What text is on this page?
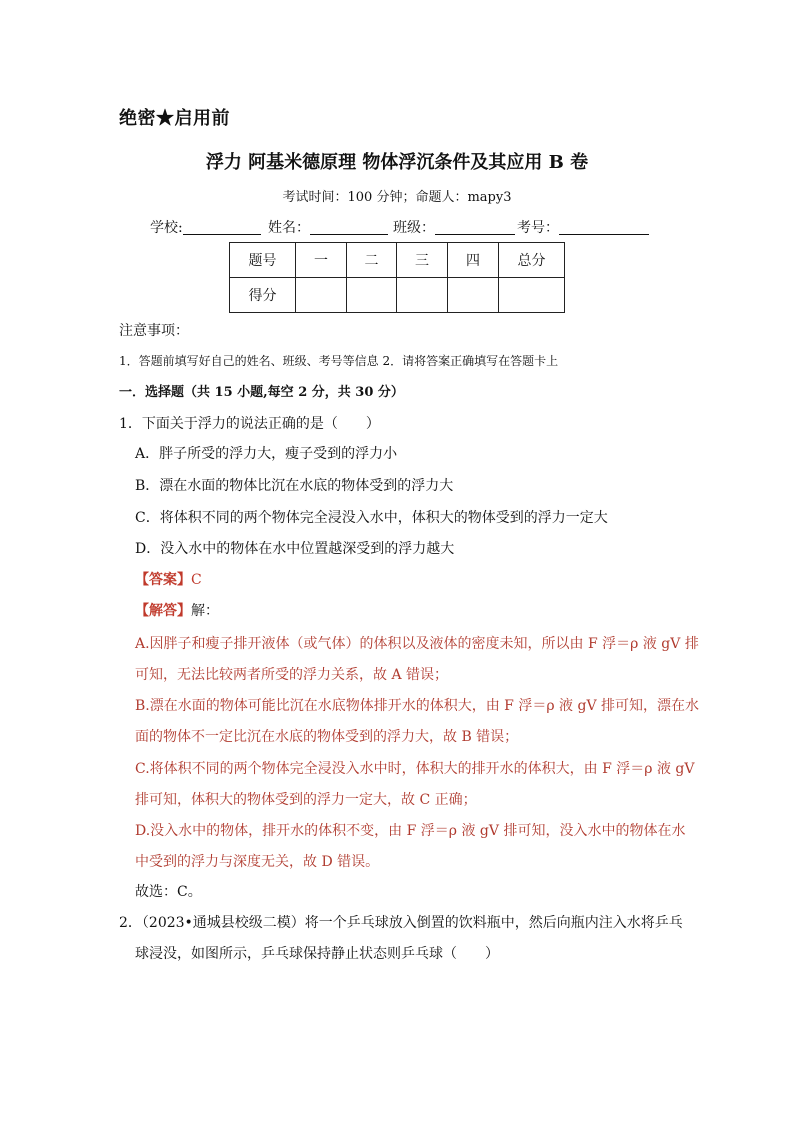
绝密★启用前
浮力 阿基米德原理 物体浮沉条件及其应用 B 卷
考试时间：100 分钟；命题人：mapy3
学校:	姓名：	班级：	考号：
题号	一	二	三	四	总分
得分					
注意事项：
1．答题前填写好自己的姓名、班级、考号等信息 2．请将答案正确填写在答题卡上
一．选择题（共 15 小题,每空 2 分，共 30 分）
1．下面关于浮力的说法正确的是（　　）
A．胖子所受的浮力大，瘦子受到的浮力小
B．漂在水面的物体比沉在水底的物体受到的浮力大
C．将体积不同的两个物体完全浸没入水中，体积大的物体受到的浮力一定大
D．没入水中的物体在水中位置越深受到的浮力越大
【答案】C
【解答】解：
A.因胖子和瘦子排开液体（或气体）的体积以及液体的密度未知，所以由 F 浮＝ρ 液 gV 排
可知，无法比较两者所受的浮力关系，故 A 错误；
B.漂在水面的物体可能比沉在水底物体排开水的体积大，由 F 浮＝ρ 液 gV 排可知，漂在水
面的物体不一定比沉在水底的物体受到的浮力大，故 B 错误；
C.将体积不同的两个物体完全浸没入水中时，体积大的排开水的体积大，由 F 浮＝ρ 液 gV
排可知，体积大的物体受到的浮力一定大，故 C 正确；
D.没入水中的物体，排开水的体积不变，由 F 浮＝ρ 液 gV 排可知，没入水中的物体在水
中受到的浮力与深度无关，故 D 错误。
故选：C。
2．（2023•通城县校级二模）将一个乒乓球放入倒置的饮料瓶中，然后向瓶内注入水将乒乓
球浸没，如图所示，乒乓球保持静止状态则乒乓球（　　）
